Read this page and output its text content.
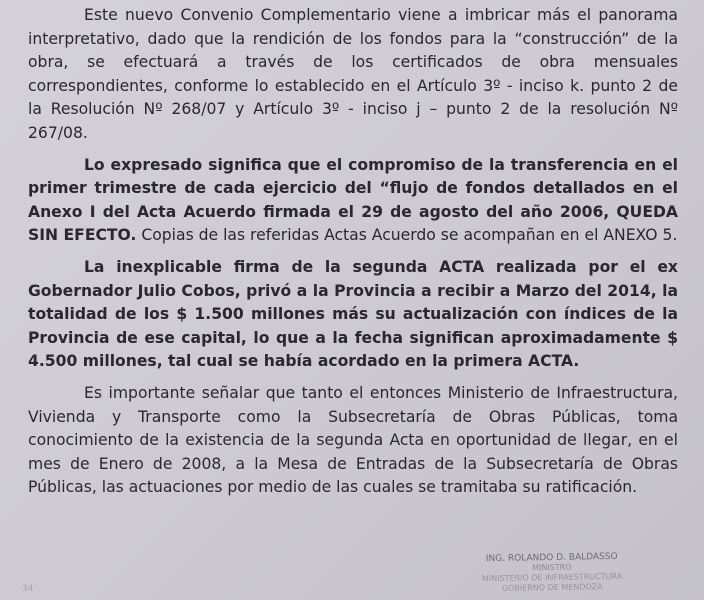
Este nuevo Convenio Complementario viene a imbricar más el panorama interpretativo, dado que la rendición de los fondos para la “construcción” de la obra, se efectuará a través de los certificados de obra mensuales correspondientes, conforme lo establecido en el Artículo 3º - inciso k. punto 2 de la Resolución Nº 268/07 y Artículo 3º - inciso j – punto 2 de la resolución Nº 267/08.

Lo expresado significa que el compromiso de la transferencia en el primer trimestre de cada ejercicio del “flujo de fondos detallados en el Anexo I del Acta Acuerdo firmada el 29 de agosto del año 2006, QUEDA SIN EFECTO. Copias de las referidas Actas Acuerdo se acompañan en el ANEXO 5.

La inexplicable firma de la segunda ACTA realizada por el ex Gobernador Julio Cobos, privó a la Provincia a recibir a Marzo del 2014, la totalidad de los $ 1.500 millones más su actualización con índices de la Provincia de ese capital, lo que a la fecha significan aproximadamente $ 4.500 millones, tal cual se había acordado en la primera ACTA.

Es importante señalar que tanto el entonces Ministerio de Infraestructura, Vivienda y Transporte como la Subsecretaría de Obras Públicas, toma conocimiento de la existencia de la segunda Acta en oportunidad de llegar, en el mes de Enero de 2008, a la Mesa de Entradas de la Subsecretaría de Obras Públicas, las actuaciones por medio de las cuales se tramitaba su ratificación.

ING. ROLANDO D. BALDASSO
MINISTRO
MINISTERIO DE INFRAESTRUCTURA
GOBIERNO DE MENDOZA
34
